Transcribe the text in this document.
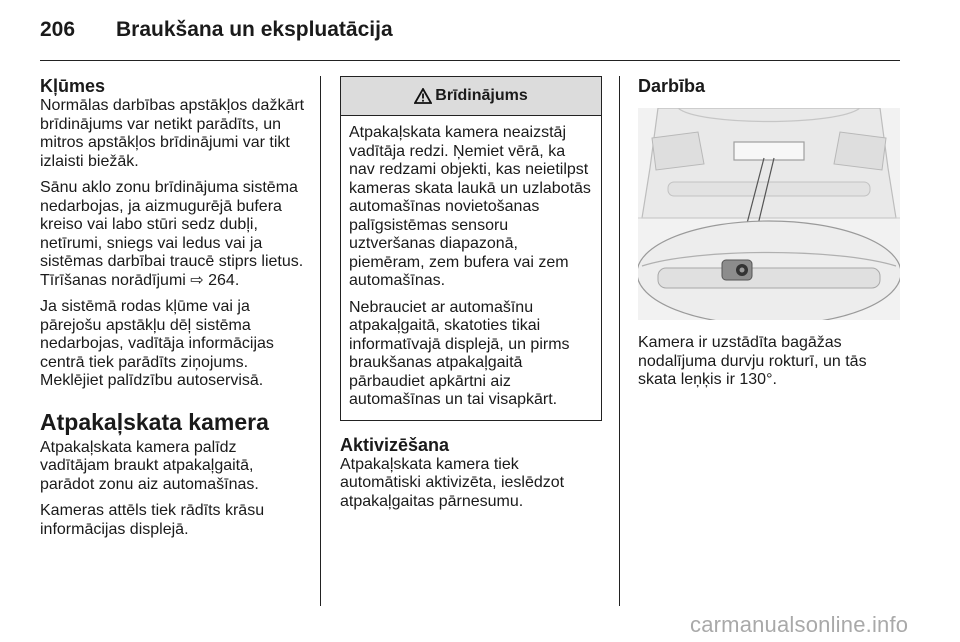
206 Braukšana un ekspluatācija
Kļūmes

Normālas darbības apstākļos dažkārt brīdinājums var netikt parādīts, un mitros apstākļos brīdinājumi var tikt izlaisti biežāk.

Sānu aklo zonu brīdinājuma sistēma nedarbojas, ja aizmugurējā bufera kreiso vai labo stūri sedz dubļi, netīrumi, sniegs vai ledus vai ja sistēmas darbībai traucē stiprs lietus. Tīrīšanas norādījumi ⇨ 264.

Ja sistēmā rodas kļūme vai ja pārejošu apstākļu dēļ sistēma nedarbojas, vadītāja informācijas centrā tiek parādīts ziņojums. Meklējiet palīdzību autoservisā.

Atpakaļskata kamera

Atpakaļskata kamera palīdz vadītājam braukt atpakaļgaitā, parādot zonu aiz automašīnas.

Kameras attēls tiek rādīts krāsu informācijas displejā.

Brīdinājums

Atpakaļskata kamera neaizstāj vadītāja redzi. Ņemiet vērā, ka nav redzami objekti, kas neietilpst kameras skata laukā un uzlabotās automašīnas novietošanas palīgsistēmas sensoru uztveršanas diapazonā, piemēram, zem bufera vai zem automašīnas.

Nebrauciet ar automašīnu atpakaļgaitā, skatoties tikai informatīvajā displejā, un pirms braukšanas atpakaļgaitā pārbaudiet apkārtni aiz automašīnas un tai visapkārt.

Aktivizēšana

Atpakaļskata kamera tiek automātiski aktivizēta, ieslēdzot atpakaļgaitas pārnesumu.

Darbība

Kamera ir uzstādīta bagāžas nodalījuma durvju rokturī, un tās skata leņķis ir 130°.

carmanualsonline.info
